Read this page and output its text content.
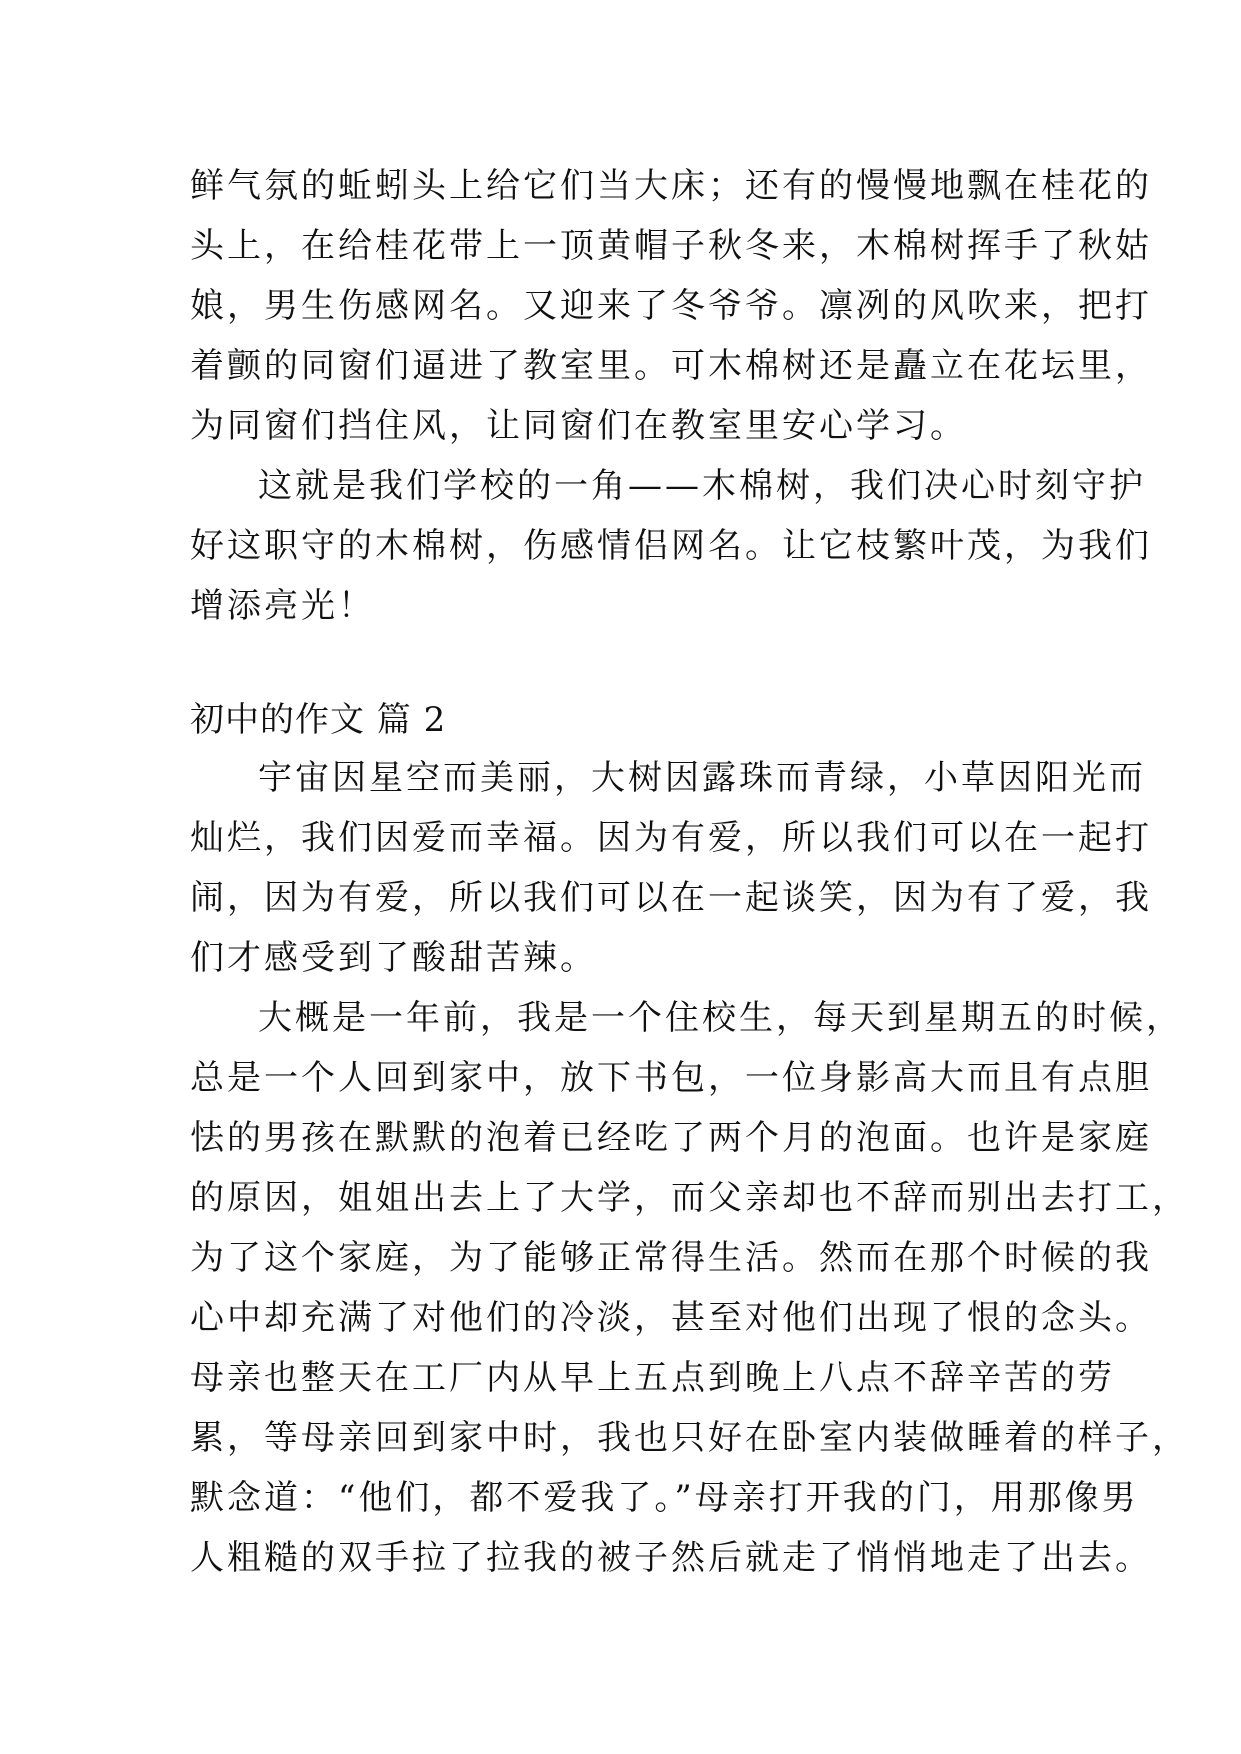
鲜气氛的蚯蚓头上给它们当大床；还有的慢慢地飘在桂花的
头上，在给桂花带上一顶黄帽子秋冬来，木棉树挥手了秋姑
娘，男生伤感网名。又迎来了冬爷爷。凛冽的风吹来，把打
着颤的同窗们逼进了教室里。可木棉树还是矗立在花坛里，
为同窗们挡住风，让同窗们在教室里安心学习。
这就是我们学校的一角——木棉树，我们决心时刻守护
好这职守的木棉树，伤感情侣网名。让它枝繁叶茂，为我们
增添亮光！
初中的作文 篇 2
宇宙因星空而美丽，大树因露珠而青绿，小草因阳光而
灿烂，我们因爱而幸福。因为有爱，所以我们可以在一起打
闹，因为有爱，所以我们可以在一起谈笑，因为有了爱，我
们才感受到了酸甜苦辣。
大概是一年前，我是一个住校生，每天到星期五的时候，
总是一个人回到家中，放下书包，一位身影高大而且有点胆
怯的男孩在默默的泡着已经吃了两个月的泡面。也许是家庭
的原因，姐姐出去上了大学，而父亲却也不辞而别出去打工，
为了这个家庭，为了能够正常得生活。然而在那个时候的我
心中却充满了对他们的冷淡，甚至对他们出现了恨的念头。
母亲也整天在工厂内从早上五点到晚上八点不辞辛苦的劳
累，等母亲回到家中时，我也只好在卧室内装做睡着的样子，
默念道：“他们，都不爱我了。”母亲打开我的门，用那像男
人粗糙的双手拉了拉我的被子然后就走了悄悄地走了出去。
